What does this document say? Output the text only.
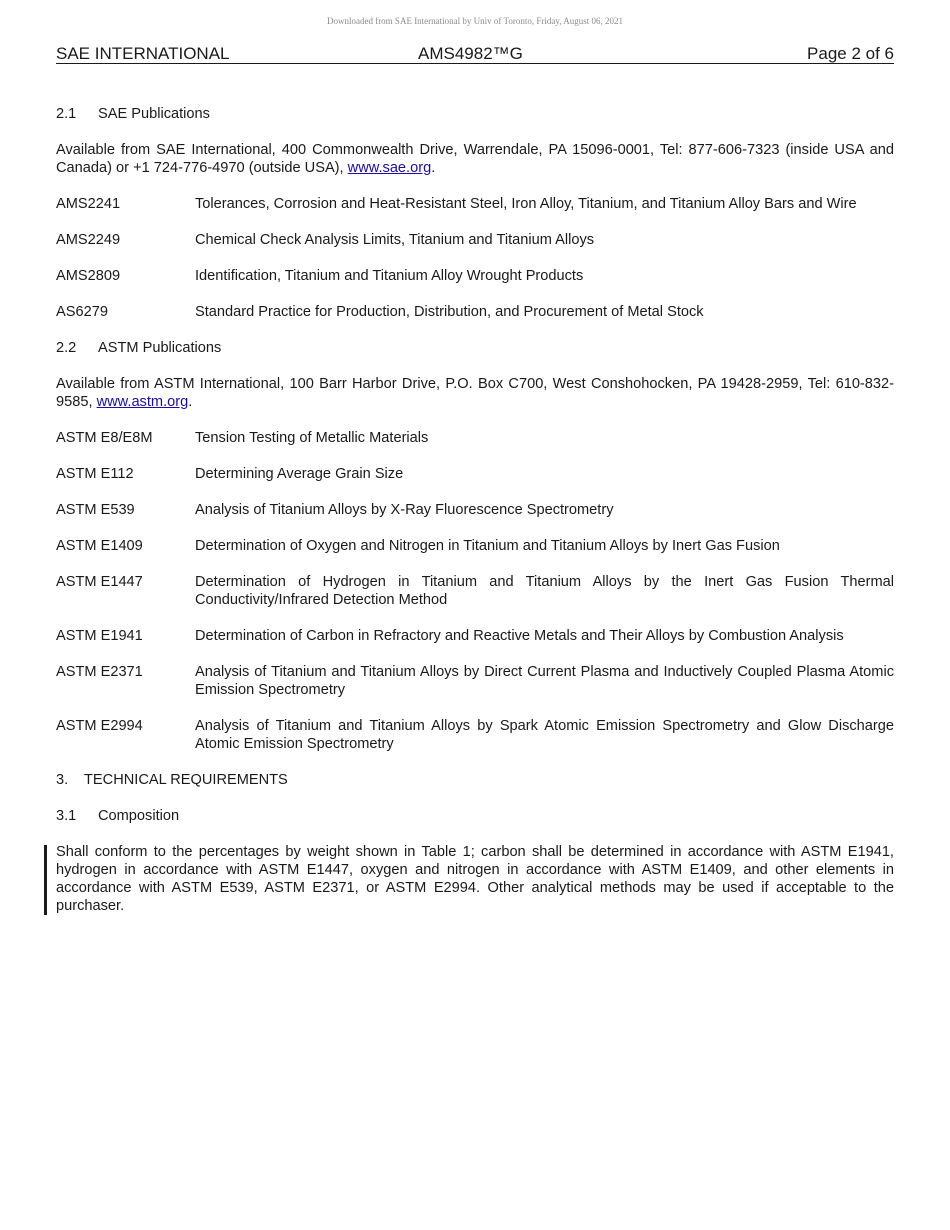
Downloaded from SAE International by Univ of Toronto, Friday, August 06, 2021
SAE INTERNATIONAL	AMS4982™G	Page 2 of 6
2.1 SAE Publications

Available from SAE International, 400 Commonwealth Drive, Warrendale, PA 15096-0001, Tel: 877-606-7323 (inside USA and Canada) or +1 724-776-4970 (outside USA), www.sae.org.

AMS2241	Tolerances, Corrosion and Heat-Resistant Steel, Iron Alloy, Titanium, and Titanium Alloy Bars and Wire
AMS2249	Chemical Check Analysis Limits, Titanium and Titanium Alloys
AMS2809	Identification, Titanium and Titanium Alloy Wrought Products
AS6279	Standard Practice for Production, Distribution, and Procurement of Metal Stock
2.2 ASTM Publications

Available from ASTM International, 100 Barr Harbor Drive, P.O. Box C700, West Conshohocken, PA 19428-2959, Tel: 610-832-9585, www.astm.org.

ASTM E8/E8M	Tension Testing of Metallic Materials
ASTM E112	Determining Average Grain Size
ASTM E539	Analysis of Titanium Alloys by X-Ray Fluorescence Spectrometry
ASTM E1409	Determination of Oxygen and Nitrogen in Titanium and Titanium Alloys by Inert Gas Fusion
ASTM E1447	Determination of Hydrogen in Titanium and Titanium Alloys by the Inert Gas Fusion Thermal Conductivity/Infrared Detection Method
ASTM E1941	Determination of Carbon in Refractory and Reactive Metals and Their Alloys by Combustion Analysis
ASTM E2371	Analysis of Titanium and Titanium Alloys by Direct Current Plasma and Inductively Coupled Plasma Atomic Emission Spectrometry
ASTM E2994	Analysis of Titanium and Titanium Alloys by Spark Atomic Emission Spectrometry and Glow Discharge Atomic Emission Spectrometry
3. TECHNICAL REQUIREMENTS
3.1 Composition

Shall conform to the percentages by weight shown in Table 1; carbon shall be determined in accordance with ASTM E1941, hydrogen in accordance with ASTM E1447, oxygen and nitrogen in accordance with ASTM E1409, and other elements in accordance with ASTM E539, ASTM E2371, or ASTM E2994. Other analytical methods may be used if acceptable to the purchaser.
